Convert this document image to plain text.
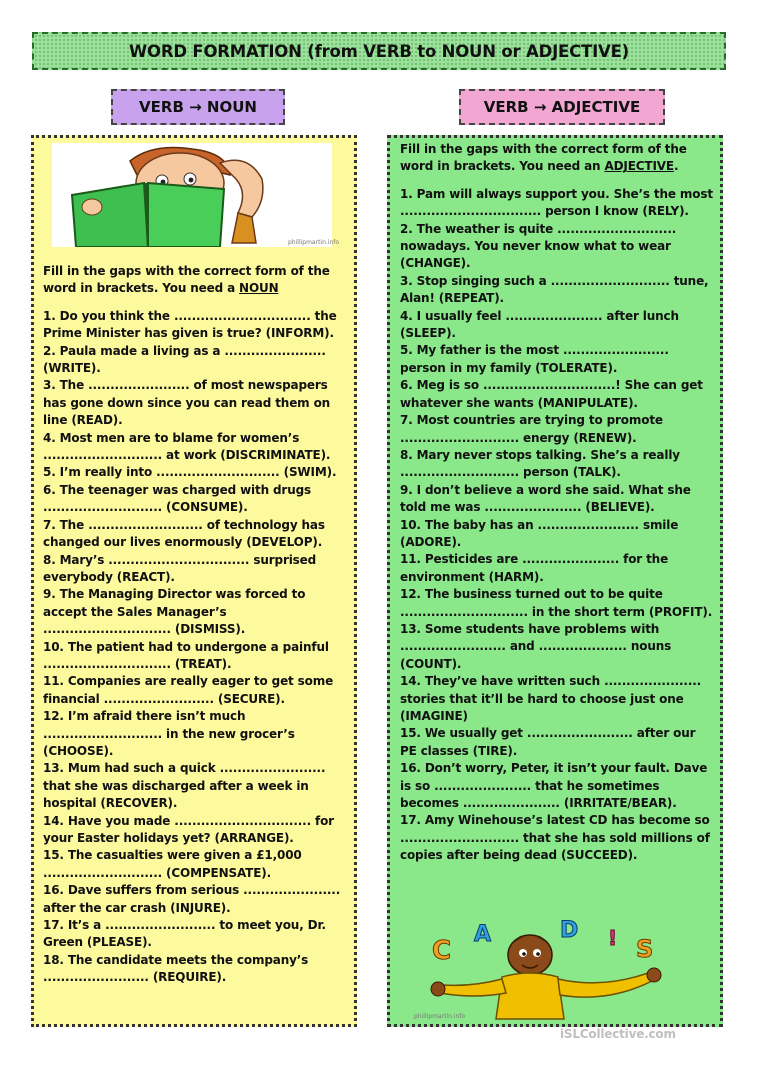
WORD FORMATION (from VERB to NOUN or ADJECTIVE)
VERB → NOUN	VERB → ADJECTIVE
phillipmartin.info
Fill in the gaps with the correct form of the word in brackets. You need a NOUN
1. Do you think the ............................... the Prime Minister has given is true? (INFORM).
2. Paula made a living as a ....................... (WRITE).
3. The ....................... of most newspapers has gone down since you can read them on line (READ).
4. Most men are to blame for women’s ........................... at work (DISCRIMINATE).
5. I’m really into ............................ (SWIM).
6. The teenager was charged with drugs ........................... (CONSUME).
7. The .......................... of technology has changed our lives enormously (DEVELOP).
8. Mary’s ................................ surprised everybody (REACT).
9. The Managing Director was forced to accept the Sales Manager’s ............................. (DISMISS).
10. The patient had to undergone a painful ............................. (TREAT).
11. Companies are really eager to get some financial ......................... (SECURE).
12. I’m afraid there isn’t much ........................... in the new grocer’s (CHOOSE).
13. Mum had such a quick ........................ that she was discharged after a week in hospital (RECOVER).
14. Have you made ............................... for your Easter holidays yet? (ARRANGE).
15. The casualties were given a £1,000 ........................... (COMPENSATE).
16. Dave suffers from serious ...................... after the car crash (INJURE).
17. It’s a ......................... to meet you, Dr. Green (PLEASE).
18. The candidate meets the company’s ........................ (REQUIRE).
Fill in the gaps with the correct form of the word in brackets. You need an ADJECTIVE.
1. Pam will always support you. She’s the most ................................ person I know (RELY).
2. The weather is quite ........................... nowadays. You never know what to wear (CHANGE).
3. Stop singing such a ........................... tune, Alan! (REPEAT).
4. I usually feel ...................... after lunch (SLEEP).
5. My father is the most ........................ person in my family (TOLERATE).
6. Meg is so ..............................! She can get whatever she wants (MANIPULATE).
7. Most countries are trying to promote ........................... energy (RENEW).
8. Mary never stops talking. She’s a really ........................... person (TALK).
9. I don’t believe a word she said. What she told me was ...................... (BELIEVE).
10. The baby has an ....................... smile (ADORE).
11. Pesticides are ...................... for the environment (HARM).
12. The business turned out to be quite ............................. in the short term (PROFIT).
13. Some students have problems with ........................ and .................... nouns (COUNT).
14. They’ve have written such ...................... stories that it’ll be hard to choose just one (IMAGINE)
15. We usually get ........................ after our PE classes (TIRE).
16. Don’t worry, Peter, it isn’t your fault. Dave is so ...................... that he sometimes becomes ...................... (IRRITATE/BEAR).
17. Amy Winehouse’s latest CD has become so ........................... that she has sold millions of copies after being dead (SUCCEED).
C
A	D ! S
phillipmartin.info
iSLCollective.com
